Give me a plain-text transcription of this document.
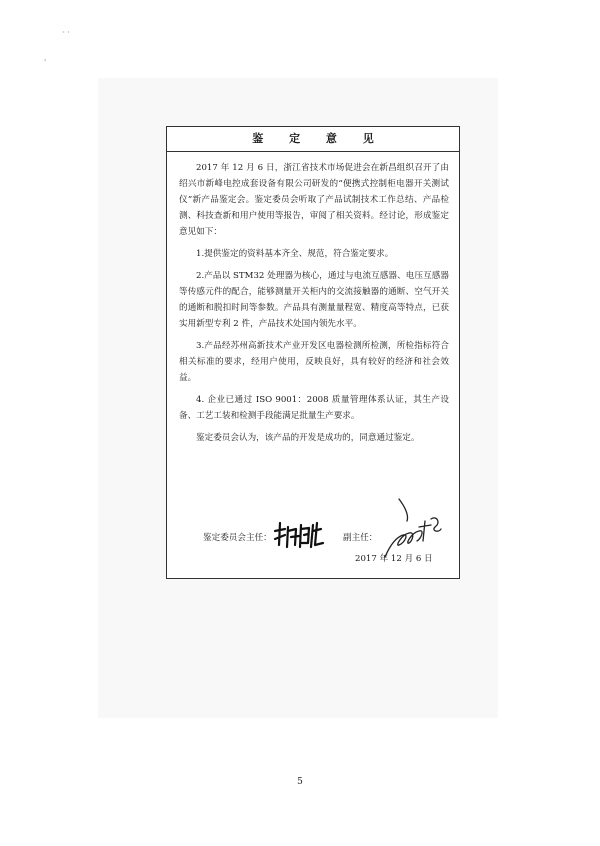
· ·
'
鉴 定 意 见

2017 年 12 月 6 日，浙江省技术市场促进会在新昌组织召开了由绍兴市新峰电控成套设备有限公司研发的“便携式控制柜电器开关测试仪”新产品鉴定会。鉴定委员会听取了产品试制技术工作总结、产品检测、科技查新和用户使用等报告，审阅了相关资料。经讨论，形成鉴定意见如下：

1.提供鉴定的资料基本齐全、规范，符合鉴定要求。

2.产品以 STM32 处理器为核心，通过与电流互感器、电压互感器等传感元件的配合，能够测量开关柜内的交流接触器的通断、空气开关的通断和脱扣时间等参数。产品具有测量量程宽、精度高等特点，已获实用新型专利 2 件，产品技术处国内领先水平。

3.产品经苏州高新技术产业开发区电器检测所检测，所检指标符合相关标准的要求，经用户使用，反映良好，具有较好的经济和社会效益。

4. 企业已通过 ISO 9001：2008 质量管理体系认证，其生产设备、工艺工装和检测手段能满足批量生产要求。

鉴定委员会认为，该产品的开发是成功的，同意通过鉴定。

鉴定委员会主任：	副主任：
2017 年 12 月 6 日
5
